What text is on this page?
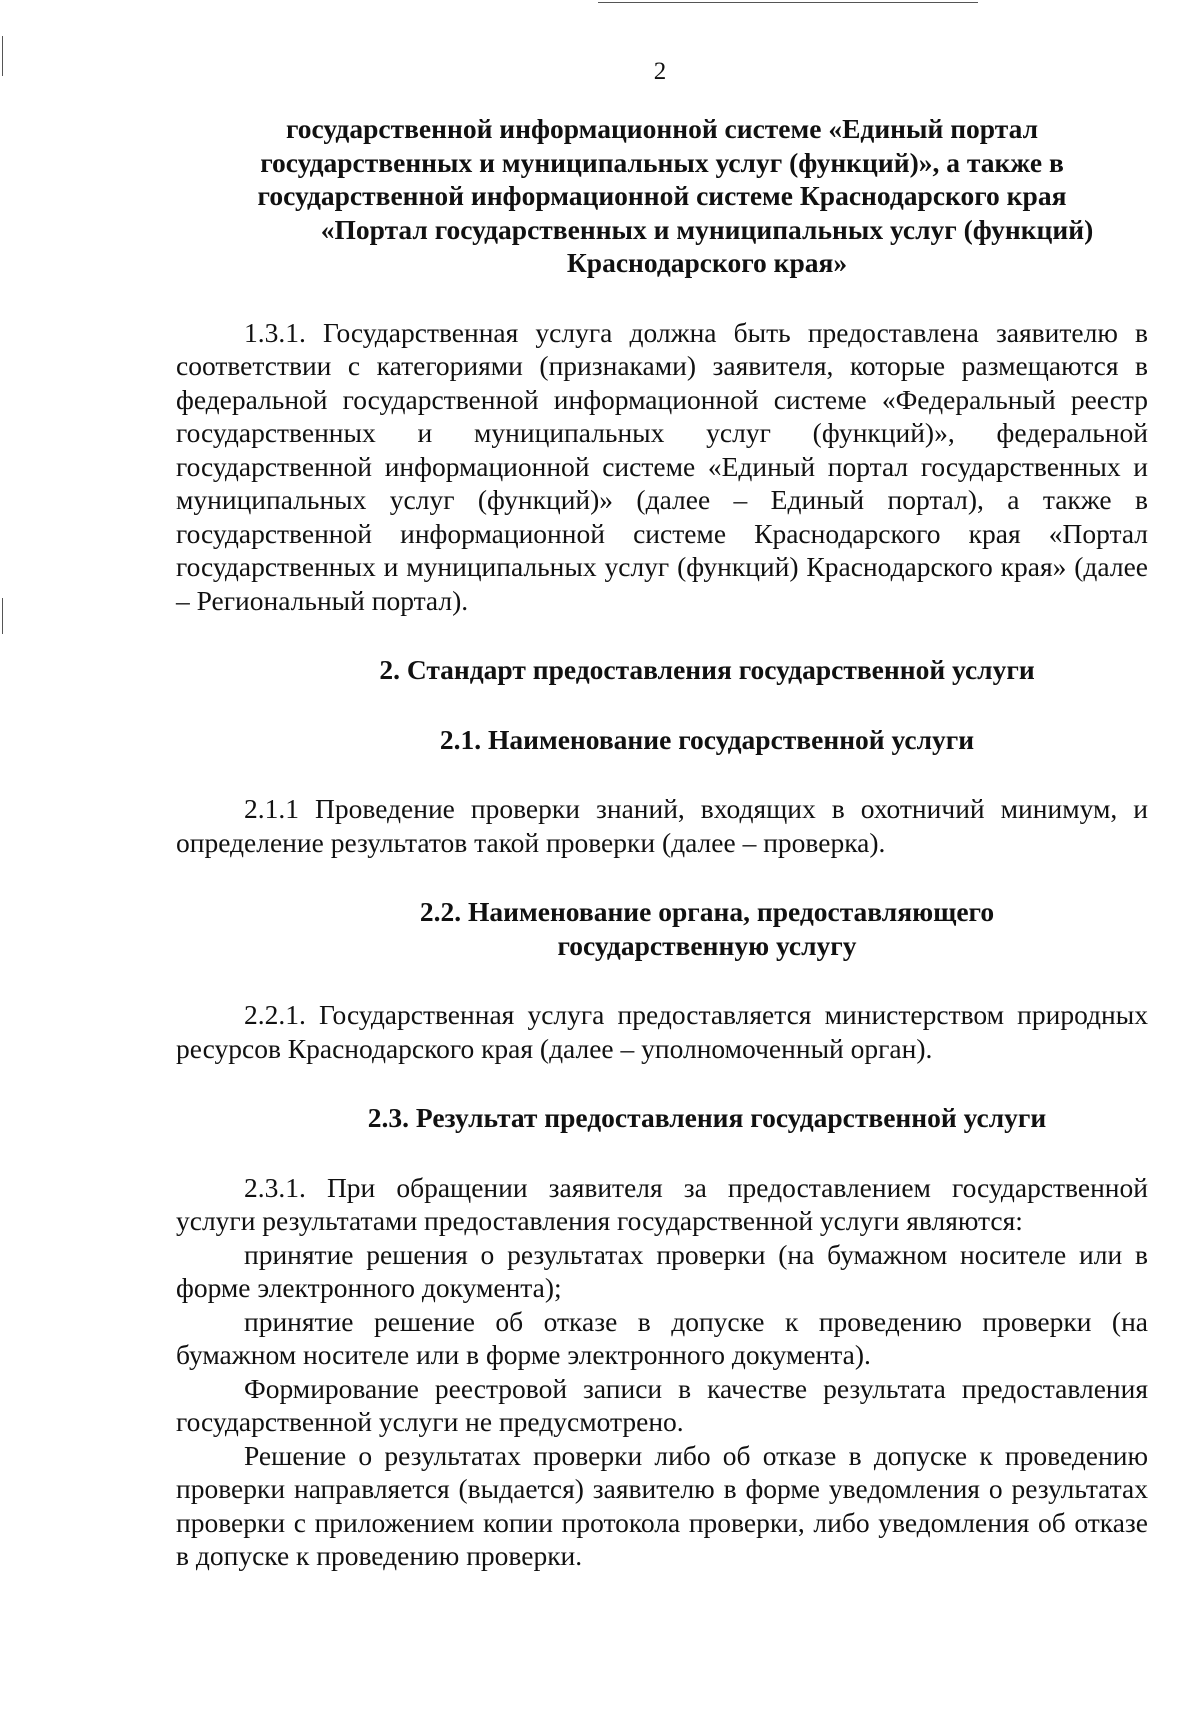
2
государственной информационной системе «Единый портал
государственных и муниципальных услуг (функций)», а также в
государственной информационной системе Краснодарского края
«Портал государственных и муниципальных услуг (функций)
Краснодарского края»

1.3.1. Государственная услуга должна быть предоставлена заявителю в соответствии с категориями (признаками) заявителя, которые размещаются в федеральной государственной информационной системе «Федеральный реестр государственных и муниципальных услуг (функций)», федеральной государственной информационной системе «Единый портал государственных и муниципальных услуг (функций)» (далее – Единый портал), а также в государственной информационной системе Краснодарского края «Портал государственных и муниципальных услуг (функций) Краснодарского края» (далее – Региональный портал).

2. Стандарт предоставления государственной услуги
2.1. Наименование государственной услуги

2.1.1 Проведение проверки знаний, входящих в охотничий минимум, и определение результатов такой проверки (далее – проверка).

2.2. Наименование органа, предоставляющего
государственную услугу

2.2.1. Государственная услуга предоставляется министерством природных ресурсов Краснодарского края (далее – уполномоченный орган).

2.3. Результат предоставления государственной услуги

2.3.1. При обращении заявителя за предоставлением государственной услуги результатами предоставления государственной услуги являются:

принятие решения о результатах проверки (на бумажном носителе или в форме электронного документа);

принятие решение об отказе в допуске к проведению проверки (на бумажном носителе или в форме электронного документа).

Формирование реестровой записи в качестве результата предоставления государственной услуги не предусмотрено.

Решение о результатах проверки либо об отказе в допуске к проведению проверки направляется (выдается) заявителю в форме уведомления о результатах проверки с приложением копии протокола проверки, либо уведомления об отказе в допуске к проведению проверки.
